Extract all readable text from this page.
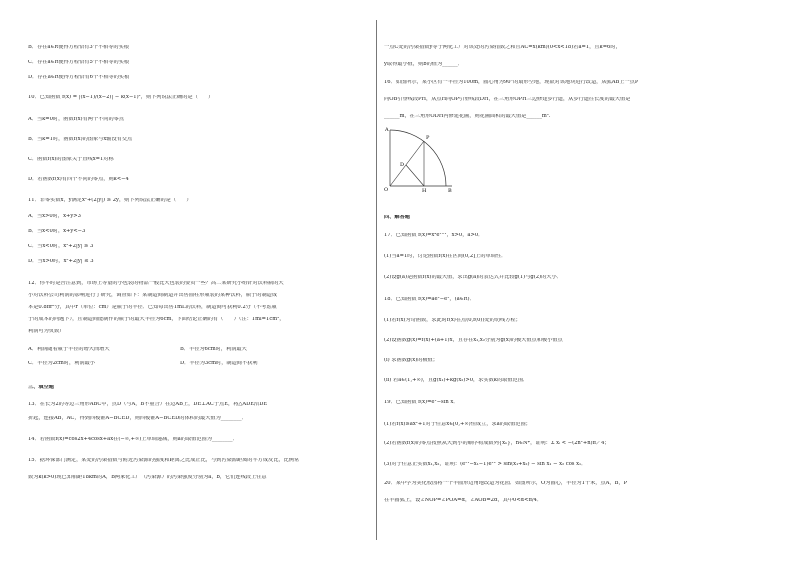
B．存在a∈R使得方程恰有3个不相等的实根
C．存在a∈R使得方程恰有5个不相等的实根
D．存在a∈R使得方程恰有6个不相等的实根
10．已知函数 f(x) = |(x−1)/(x−2)| − k(x−1)²，则下列说法正确的是（　　）
A．当k=0时，函数f(x)有两个不同的零点
B．当k=1时，函数f(x)的图象与x轴没有交点
C．函数f(x)的图象关于直线x=1对称
D．若函数f(x)有四个不同的零点，则k<−4
11．非零实数x，y满足x²+(2|y|) ≥ 2y，则下列说法正确的是（　　）
A．当x>0时，x+y>3
B．当x<0时，x+y<−3
C．当x<0时，x²+2|y| ≥ 3
D．当x>0时，x²+2|y| ≤ 3
12．你平时是否注意到，市场上等量的小包装的物品一般比大包装的要贵一些？高二某研究小组针对饮料瓶的大
小对饮料公司利润的影响进行了研究，调查如下：某制造商制造并出售圆柱形瓶装的某种饮料，瓶子的制造成
本是0.8πr²分，其中r（单位：cm）是瓶子的半径．已知每出售1mL的饮料，制造商可获利0.2分（不考虑瓶
子的成本的问题下），且制造商能制作的瓶子的最大半径为6cm，下面结论正确的有（　　）（注：1ml=1cm³，
利润可为负数）
A．利润随着瓶子半径的增大而增大	B．半径为6cm时，利润最大
C．半径为2cm时，利润最小	D．半径为3cm时，制造商不获利
三、填空题
13．在长为2的等边三角形ABC中，点D（与A，B不重合）在边AB上，DE⊥AC于点E，将△ADE沿DE
折起，连接AB，AC，得到四棱锥A−BCED，则四棱锥A−BCED的体积的最大值为________．
14．若函数f(x)=cos2x+4cosx+ax在(−∞,+∞)上单调递减，则a的取值范围为________．
15．据环保部门测定，某处的污染指数与附近污染源的强度和距离之比成正比，与到污染源距离的平方成反比，比例常
数为k(k>0)现已知相距18km的A，B两家化工厂（污染源）的污染强度分别为a，b，它们连线段上任意
一点C处的污染指数y等于两化工厂对该处的污染指数之和且AC=x(km)(0<x<18)若a=1，且k=6时，
y取得最小值，则b的值为______．
16．如图所示，某小区有一半径为100m，圆心角为90°的扇形空地，现欲对该地块进行改造，从弧AB上一点P
向OB引垂线段PH，从点H向OP引垂线段DH，在三角形OPH三边修建步行道，从步行道往长度的最大值是
______m，在三角形ODH内修建花圃，则花圃面积的最大值是______m².
四、解答题
17．已知函数 f(x)=xᵃeˣ⁺¹，x>0，a>0．
(1)当a=1时，讨论函数f(x)在区间(0,2]上的单调性．
(2)设g(a)是函数f(x)的最大值，求出g(a)的表达式并比较g(1)与g(2)的大小．
18．已知函数 f(x)=aeˣ−eˣ，(a∈R)．
(1)若f(x)为奇函数，求此时f(x)在点(0,f(0))处的切线方程；
(2)设函数g(x)=f(x)+(a+1)x，且存在x₁,x₂分别为g(x)的极大值点和极小值点
(i) 求函数g(x)的极值；
(ii) 若a∈(1,+∞)，且g(x₁)+kg(x₂)>0，求实数k的取值范围．
19．已知函数 f(x)=eˣ−sin x．
(1)若f(x)≥ax²+1对于任意x∈[0,+∞)恒成立，求a的取值范围；
(2)若函数f(x)的零点按照从大到小的顺序构成数列{xₙ}，n∈N*，证明：Σ xᵢ < −(2n²+n)π／4；
(3)对于任意正实数x₁,x₂，证明：(eˣ¹−x₁−1)eˣ² > sin(x₁+x₂) − sin x₁ − x₂ cos x₁．
20．某中学为美化校园将一个半圆形边角地改造为花园．如图所示，O为圆心，半径为1千米，点A，B，P
在半圆弧上，设∠NOP=∠POA=α，∠AOB=2α，其中0<α<π/4．
A
P
D
O	H	B
